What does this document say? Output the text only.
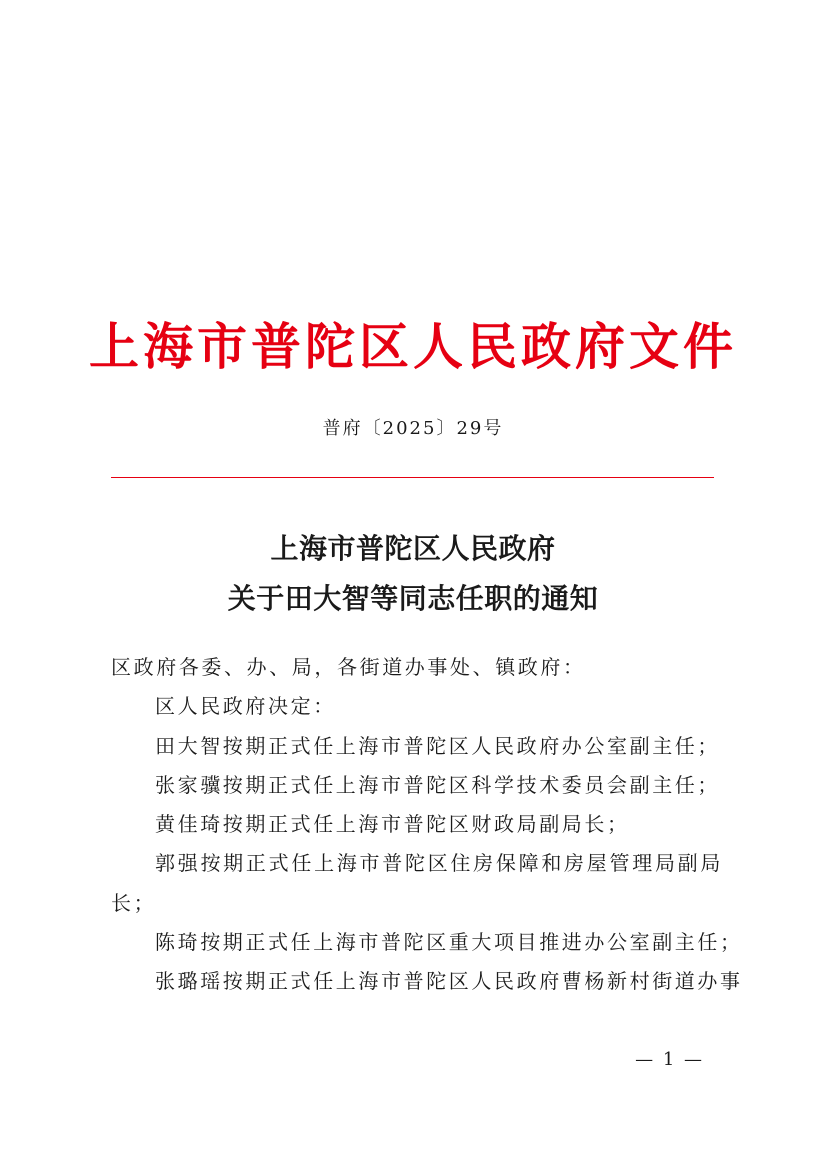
上海市普陀区人民政府文件
普府〔2025〕29号
上海市普陀区人民政府
关于田大智等同志任职的通知

区政府各委、办、局，各街道办事处、镇政府：

区人民政府决定：

田大智按期正式任上海市普陀区人民政府办公室副主任；

张家骥按期正式任上海市普陀区科学技术委员会副主任；

黄佳琦按期正式任上海市普陀区财政局副局长；

郭强按期正式任上海市普陀区住房保障和房屋管理局副局长；

陈琦按期正式任上海市普陀区重大项目推进办公室副主任；

张璐瑶按期正式任上海市普陀区人民政府曹杨新村街道办事

— 1 —
